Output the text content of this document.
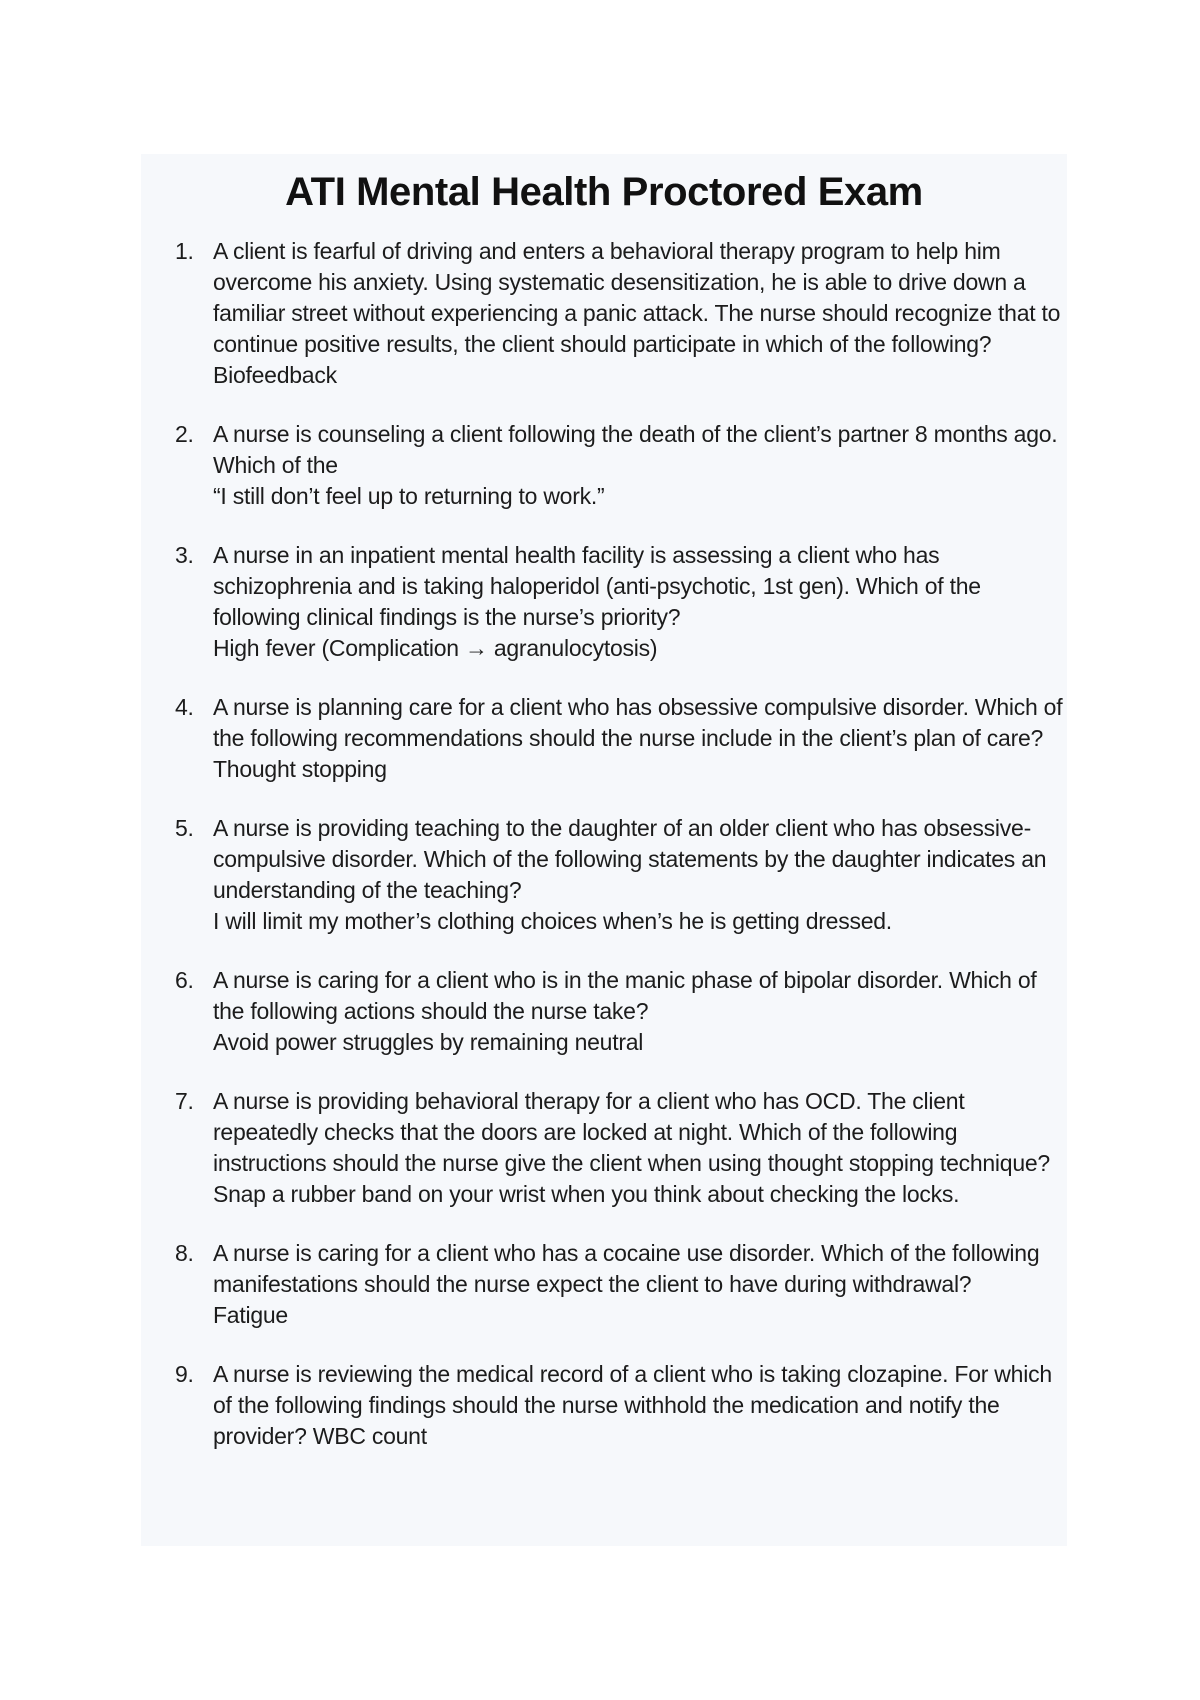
ATI Mental Health Proctored Exam
1. A client is fearful of driving and enters a behavioral therapy program to help him overcome his anxiety. Using systematic desensitization, he is able to drive down a familiar street without experiencing a panic attack. The nurse should recognize that to continue positive results, the client should participate in which of the following?
Biofeedback
2. A nurse is counseling a client following the death of the client’s partner 8 months ago. Which of the
“I still don’t feel up to returning to work.”
3. A nurse in an inpatient mental health facility is assessing a client who has schizophrenia and is taking haloperidol (anti-psychotic, 1st gen). Which of the following clinical findings is the nurse’s priority?
High fever (Complication → agranulocytosis)
4. A nurse is planning care for a client who has obsessive compulsive disorder. Which of the following recommendations should the nurse include in the client’s plan of care?
Thought stopping
5. A nurse is providing teaching to the daughter of an older client who has obsessive-compulsive disorder. Which of the following statements by the daughter indicates an understanding of the teaching?
I will limit my mother’s clothing choices when’s he is getting dressed.
6. A nurse is caring for a client who is in the manic phase of bipolar disorder. Which of the following actions should the nurse take?
Avoid power struggles by remaining neutral
7. A nurse is providing behavioral therapy for a client who has OCD. The client repeatedly checks that the doors are locked at night. Which of the following instructions should the nurse give the client when using thought stopping technique?
Snap a rubber band on your wrist when you think about checking the locks.
8. A nurse is caring for a client who has a cocaine use disorder. Which of the following manifestations should the nurse expect the client to have during withdrawal?
Fatigue
9. A nurse is reviewing the medical record of a client who is taking clozapine. For which of the following findings should the nurse withhold the medication and notify the provider? WBC count
